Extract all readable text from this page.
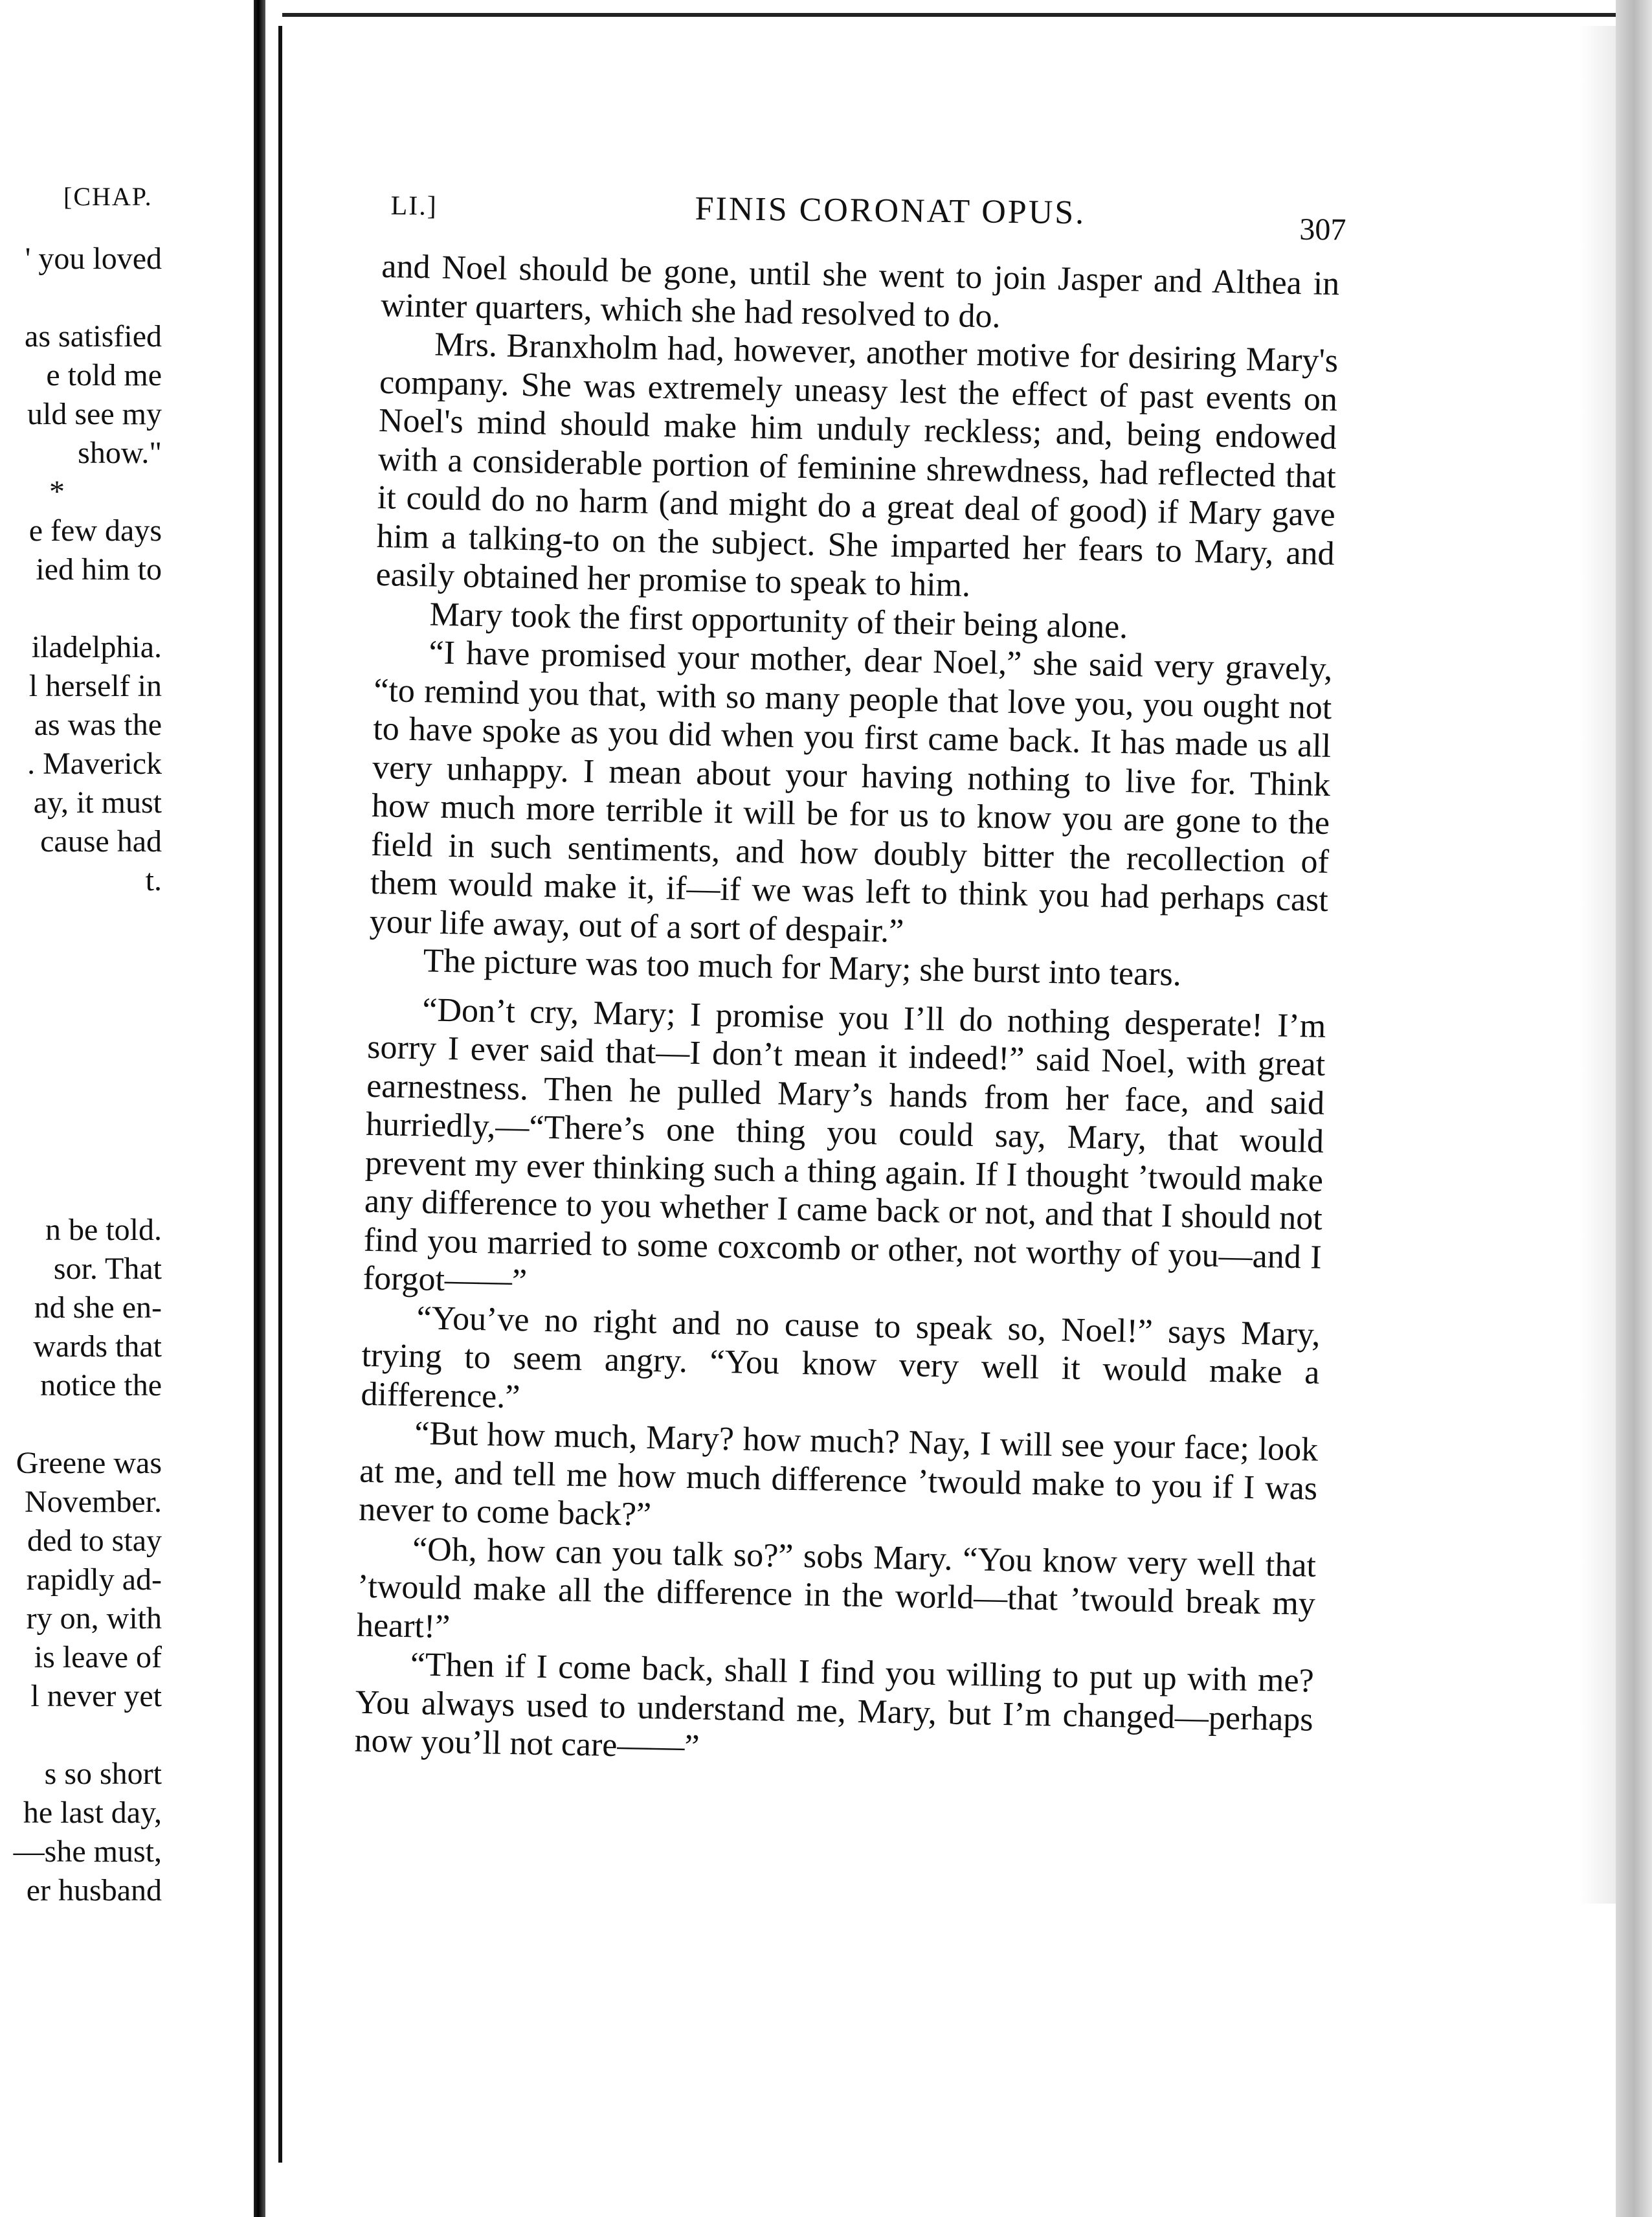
[CHAP.
' you loved
as satisfied
e told me
uld see my
show."
*
e few days
ied him to
iladelphia.
l herself in
as was the
. Maverick
ay, it must
cause had
t.
n be told.
sor. That
nd she en-
wards that
notice the
Greene was
November.
ded to stay
rapidly ad-
ry on, with
is leave of
l never yet
s so short
he last day,
—she must,
er husband
LI.]	FINIS CORONAT OPUS.	307

and Noel should be gone, until she went to join Jasper and Althea in winter quarters, which she had resolved to do.

Mrs. Branxholm had, however, another motive for desiring Mary's company. She was extremely uneasy lest the effect of past events on Noel's mind should make him unduly reckless; and, being endowed with a considerable portion of feminine shrewdness, had reflected that it could do no harm (and might do a great deal of good) if Mary gave him a talking-to on the subject. She imparted her fears to Mary, and easily obtained her promise to speak to him.

Mary took the first opportunity of their being alone.

“I have promised your mother, dear Noel,” she said very gravely, “to remind you that, with so many people that love you, you ought not to have spoke as you did when you first came back. It has made us all very unhappy. I mean about your having nothing to live for. Think how much more terrible it will be for us to know you are gone to the field in such sentiments, and how doubly bitter the recollection of them would make it, if—if we was left to think you had perhaps cast your life away, out of a sort of despair.”

The picture was too much for Mary; she burst into tears.

“Don’t cry, Mary; I promise you I’ll do nothing desperate! I’m sorry I ever said that—I don’t mean it indeed!” said Noel, with great earnestness. Then he pulled Mary’s hands from her face, and said hurriedly,—“There’s one thing you could say, Mary, that would prevent my ever thinking such a thing again. If I thought ’twould make any difference to you whether I came back or not, and that I should not find you married to some coxcomb or other, not worthy of you—and I forgot——”

“You’ve no right and no cause to speak so, Noel!” says Mary, trying to seem angry. “You know very well it would make a difference.”

“But how much, Mary? how much? Nay, I will see your face; look at me, and tell me how much difference ’twould make to you if I was never to come back?”

“Oh, how can you talk so?” sobs Mary. “You know very well that ’twould make all the difference in the world—that ’twould break my heart!”

“Then if I come back, shall I find you willing to put up with me? You always used to understand me, Mary, but I’m changed—perhaps now you’ll not care——”
